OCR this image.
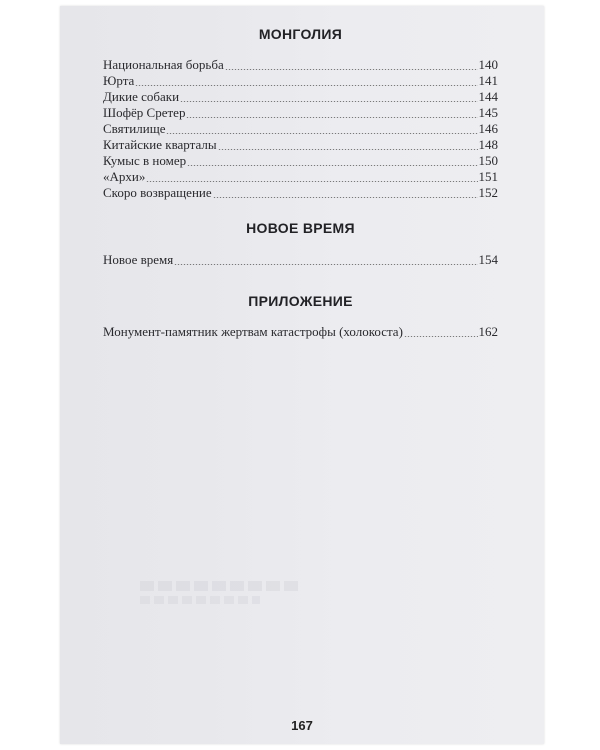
МОНГОЛИЯ
Национальная борьба	140
Юрта	141
Дикие собаки	144
Шофёр Сретер	145
Святилище	146
Китайские кварталы	148
Кумыс в номер	150
«Архи»	151
Скоро возвращение	152
НОВОЕ ВРЕМЯ
Новое время	154
ПРИЛОЖЕНИЕ
Монумент-памятник жертвам катастрофы (холокоста)	162
167
